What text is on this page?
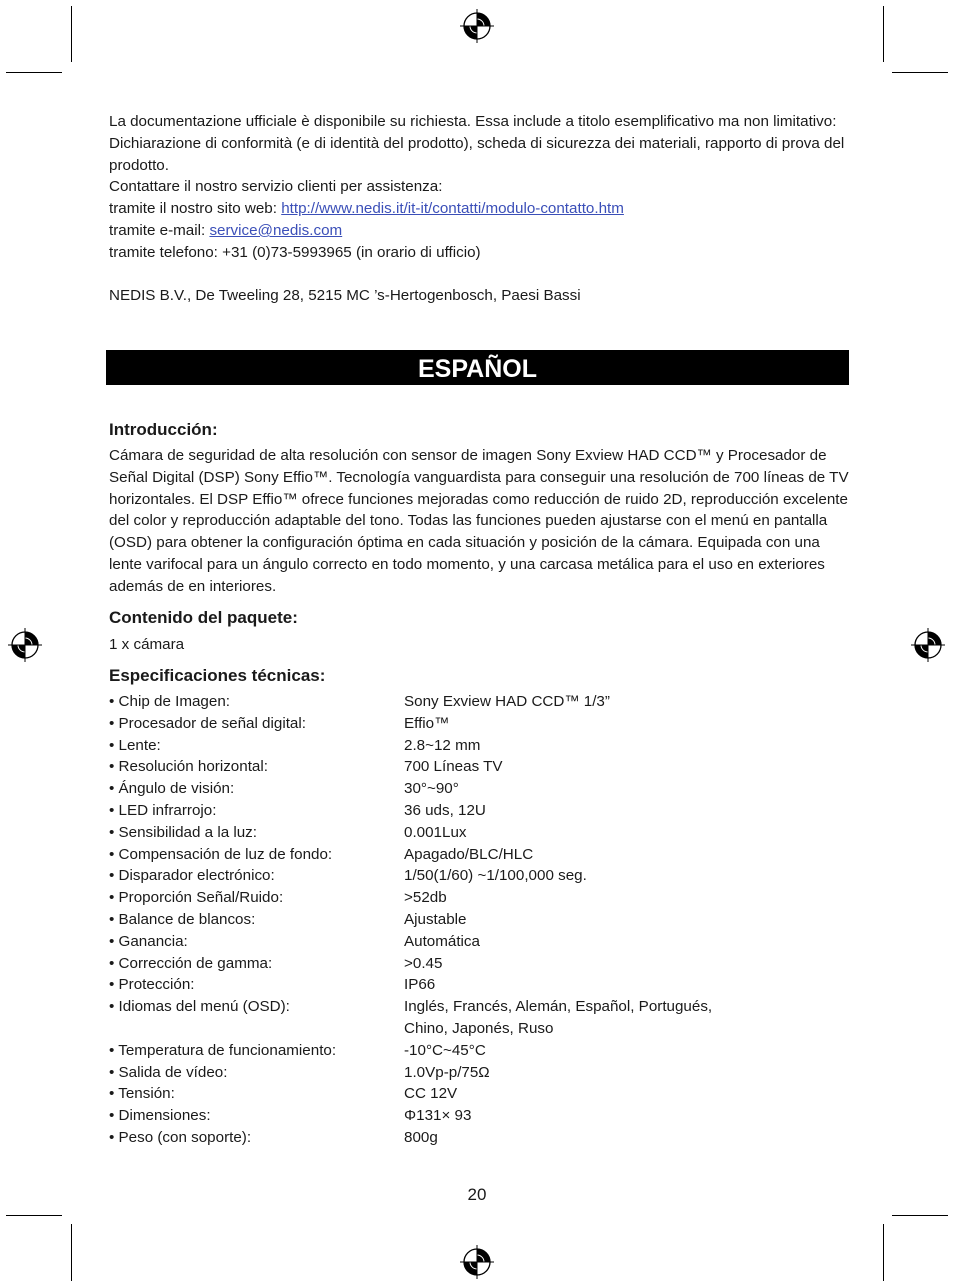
La documentazione ufficiale è disponibile su richiesta. Essa include a titolo esemplificativo ma non limitativo: Dichiarazione di conformità (e di identità del prodotto), scheda di sicurezza dei materiali, rapporto di prova del prodotto.

Contattare il nostro servizio clienti per assistenza:

tramite il nostro sito web: http://www.nedis.it/it-it/contatti/modulo-contatto.htm

tramite e-mail: service@nedis.com

tramite telefono: +31 (0)73-5993965 (in orario di ufficio)

NEDIS B.V., De Tweeling 28, 5215 MC ’s-Hertogenbosch, Paesi Bassi

ESPAÑOL

Introducción:

Cámara de seguridad de alta resolución con sensor de imagen Sony Exview HAD CCD™ y Procesador de Señal Digital (DSP) Sony Effio™. Tecnología vanguardista para conseguir una resolución de 700 líneas de TV horizontales. El DSP Effio™ ofrece funciones mejoradas como reducción de ruido 2D, reproducción excelente del color y reproducción adaptable del tono. Todas las funciones pueden ajustarse con el menú en pantalla (OSD) para obtener la configuración óptima en cada situación y posición de la cámara. Equipada con una lente varifocal para un ángulo correcto en todo momento, y una carcasa metálica para el uso en exteriores además de en interiores.

Contenido del paquete:

1 x cámara

Especificaciones técnicas:

• Chip de Imagen:	Sony Exview HAD CCD™ 1/3”
• Procesador de señal digital:	Effio™
• Lente:	2.8~12 mm
• Resolución horizontal:	700 Líneas TV
• Ángulo de visión:	30°~90°
• LED infrarrojo:	36 uds, 12U
• Sensibilidad a la luz:	0.001Lux
• Compensación de luz de fondo:	Apagado/BLC/HLC
• Disparador electrónico:	1/50(1/60) ~1/100,000 seg.
• Proporción Señal/Ruido:	>52db
• Balance de blancos:	Ajustable
• Ganancia:	Automática
• Corrección de gamma:	>0.45
• Protección:	IP66
• Idiomas del menú (OSD):	Inglés, Francés, Alemán, Español, Portugués, Chino, Japonés, Ruso
• Temperatura de funcionamiento:	-10°C~45°C
• Salida de vídeo:	1.0Vp-p/75Ω
• Tensión:	CC 12V
• Dimensiones:	Φ131× 93
• Peso (con soporte):	800g
20
